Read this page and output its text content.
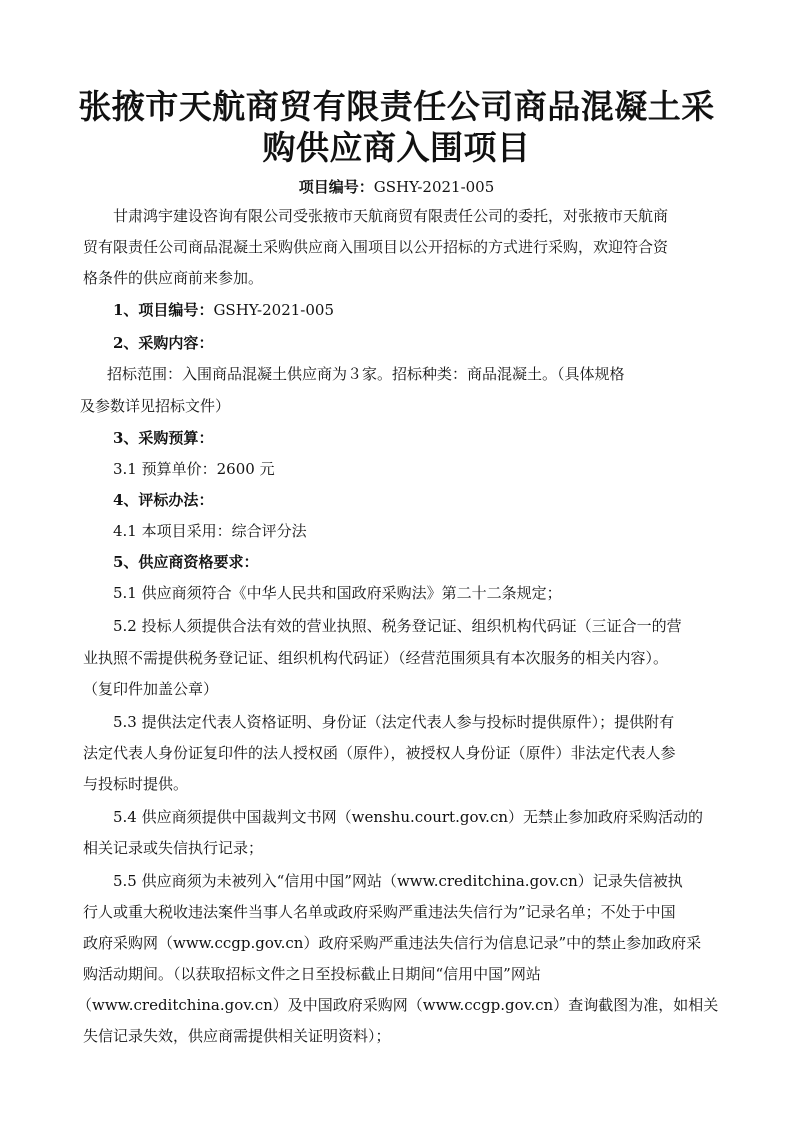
张掖市天航商贸有限责任公司商品混凝土采
购供应商入围项目
项目编号：GSHY-2021-005
甘肃鸿宇建设咨询有限公司受张掖市天航商贸有限责任公司的委托，对张掖市天航商
贸有限责任公司商品混凝土采购供应商入围项目以公开招标的方式进行采购，欢迎符合资
格条件的供应商前来参加。
1、项目编号：GSHY-2021-005
2、采购内容：
招标范围：入围商品混凝土供应商为３家。招标种类：商品混凝土。（具体规格
及参数详见招标文件）
3、采购预算：
3.1 预算单价：2600 元
4、评标办法：
4.1 本项目采用：综合评分法
5、供应商资格要求：
5.1 供应商须符合《中华人民共和国政府采购法》第二十二条规定；
5.2 投标人须提供合法有效的营业执照、税务登记证、组织机构代码证（三证合一的营
业执照不需提供税务登记证、组织机构代码证）（经营范围须具有本次服务的相关内容）。
（复印件加盖公章）
5.3 提供法定代表人资格证明、身份证（法定代表人参与投标时提供原件）；提供附有
法定代表人身份证复印件的法人授权函（原件），被授权人身份证（原件）非法定代表人参
与投标时提供。
5.4 供应商须提供中国裁判文书网（wenshu.court.gov.cn）无禁止参加政府采购活动的
相关记录或失信执行记录；
5.5 供应商须为未被列入“信用中国”网站（www.creditchina.gov.cn）记录失信被执
行人或重大税收违法案件当事人名单或政府采购严重违法失信行为”记录名单；不处于中国
政府采购网（www.ccgp.gov.cn）政府采购严重违法失信行为信息记录”中的禁止参加政府采
购活动期间。（以获取招标文件之日至投标截止日期间“信用中国”网站
（www.creditchina.gov.cn）及中国政府采购网（www.ccgp.gov.cn）查询截图为准，如相关
失信记录失效，供应商需提供相关证明资料）；
